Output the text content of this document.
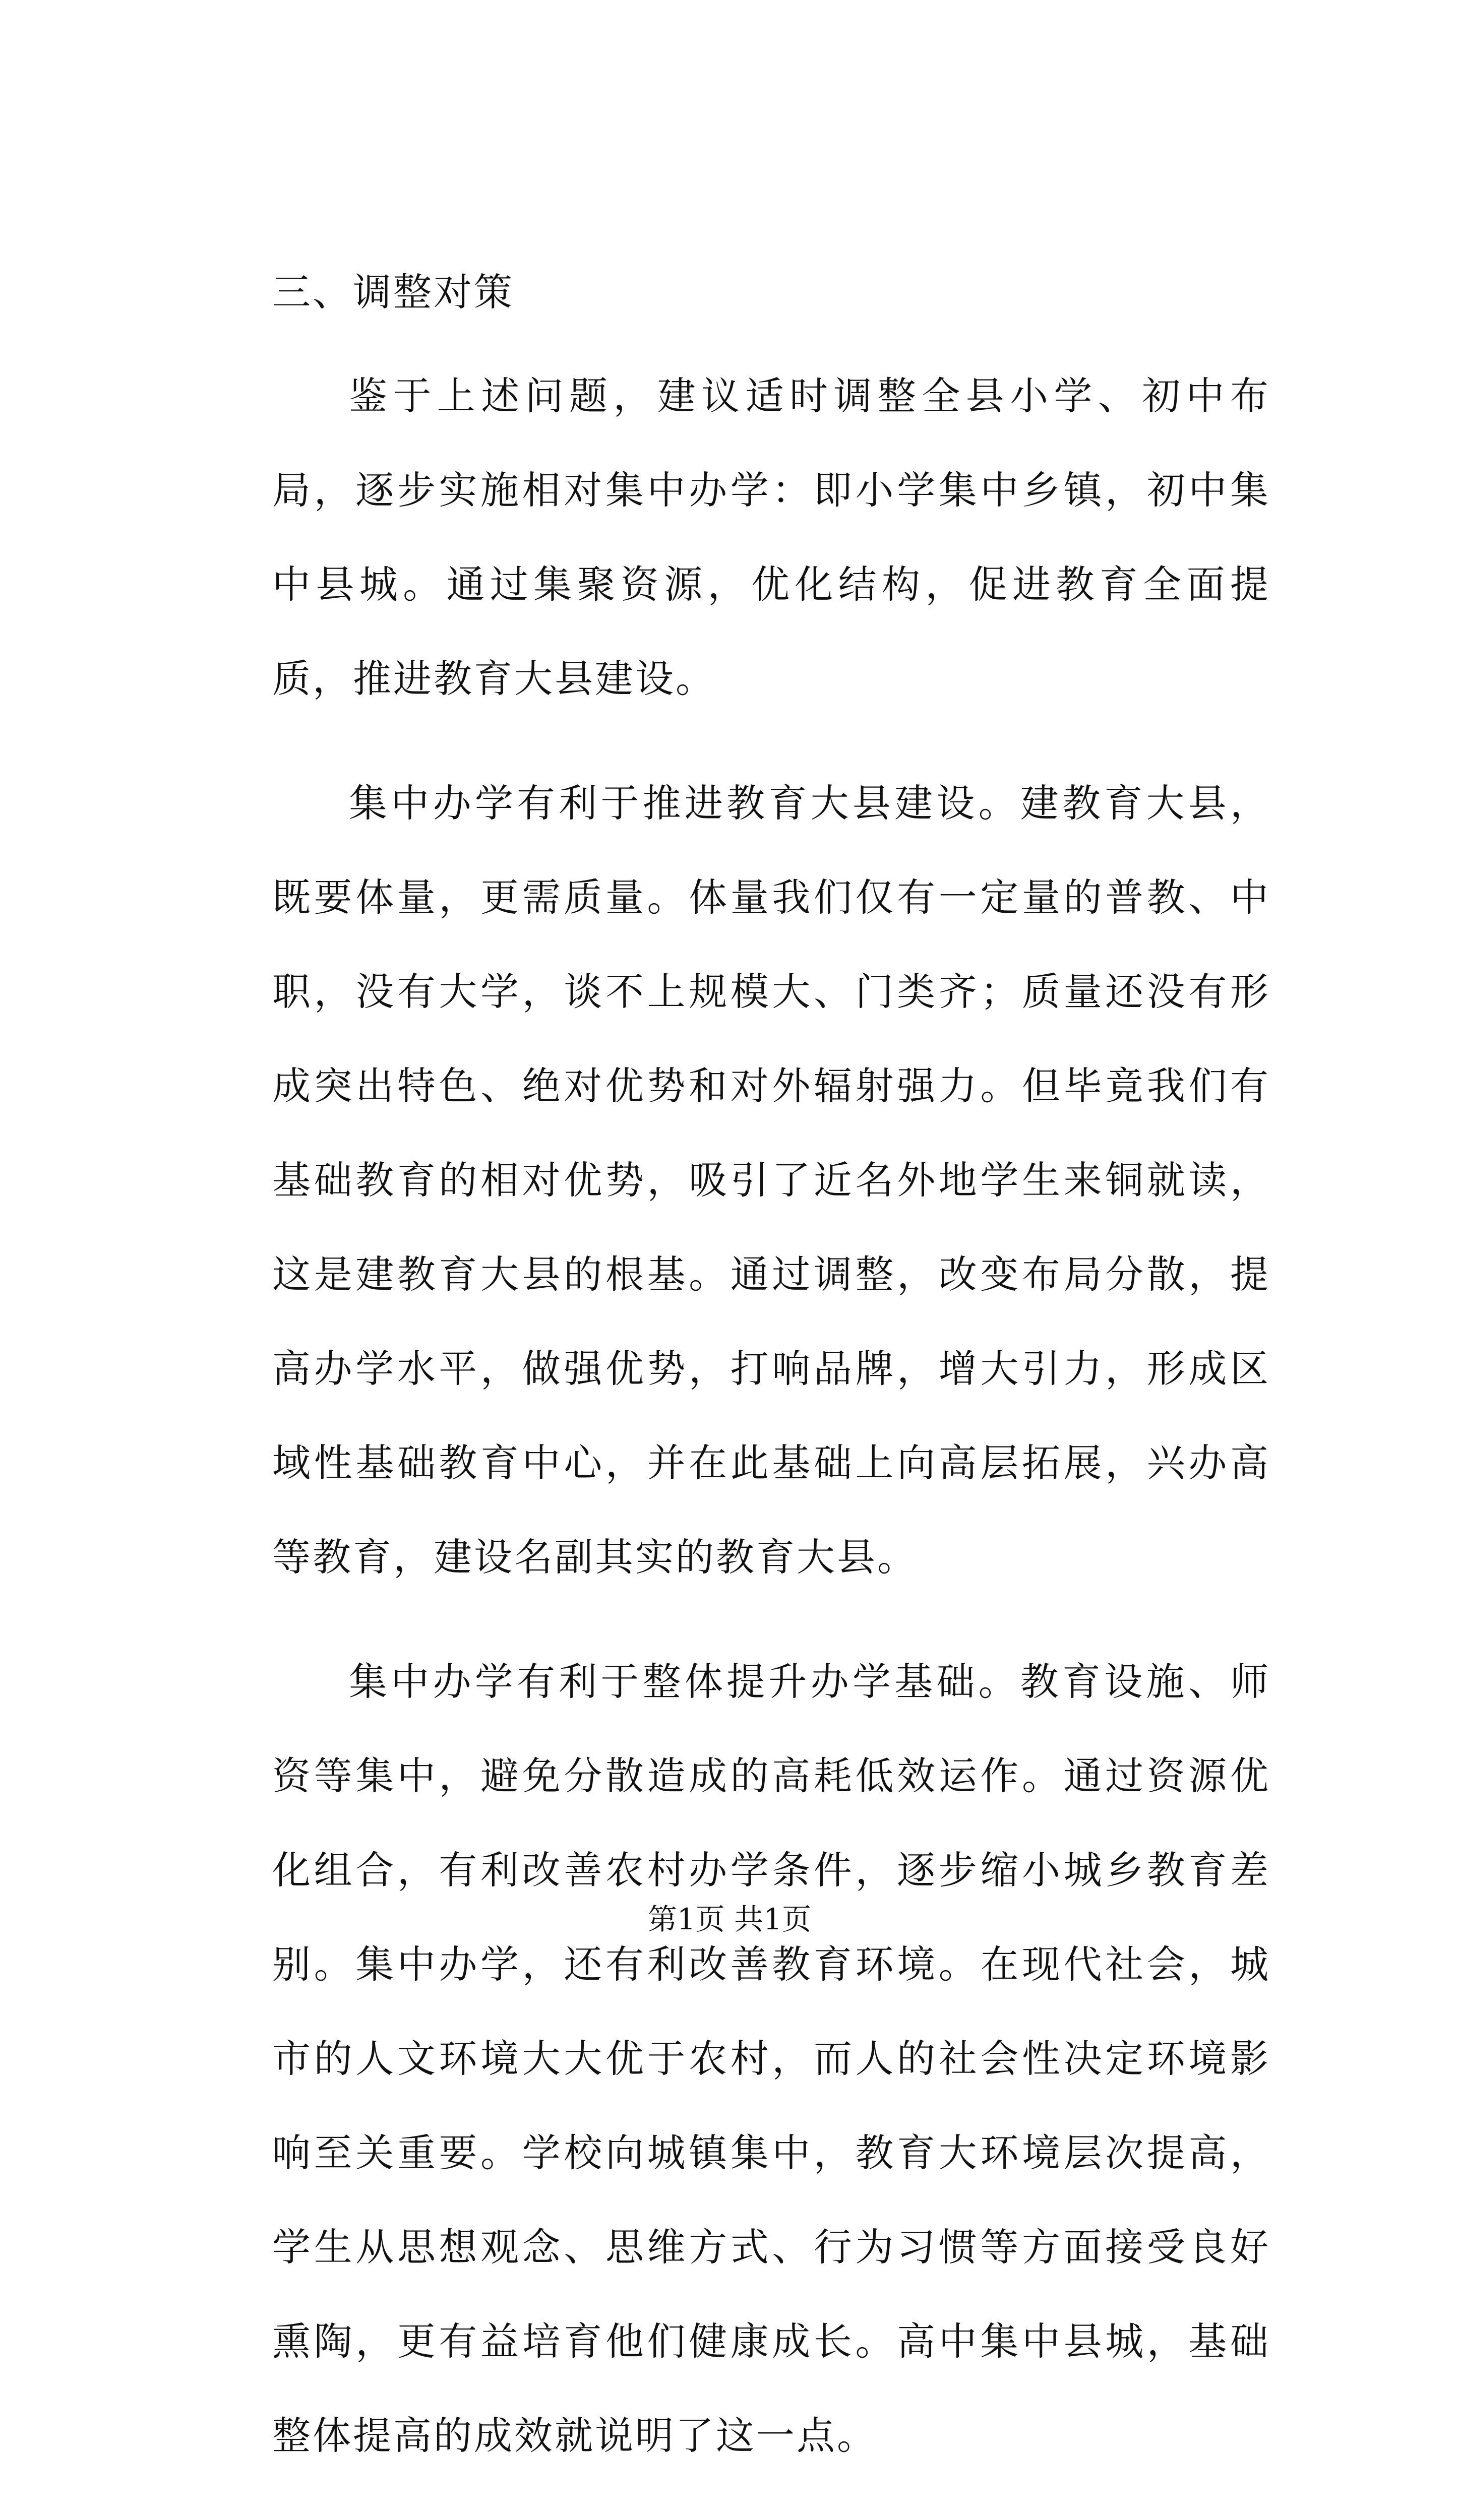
三、调整对策

鉴于上述问题，建议适时调整全县小学、初中布局，逐步实施相对集中办学：即小学集中乡镇，初中集中县城。通过集聚资源，优化结构，促进教育全面提质，推进教育大县建设。

集中办学有利于推进教育大县建设。建教育大县，既要体量，更需质量。体量我们仅有一定量的普教、中职，没有大学，谈不上规模大、门类齐；质量还没有形成突出特色、绝对优势和对外辐射强力。但毕竟我们有基础教育的相对优势，吸引了近名外地学生来铜就读，这是建教育大县的根基。通过调整，改变布局分散，提高办学水平，做强优势，打响品牌，增大引力，形成区域性基础教育中心，并在此基础上向高层拓展，兴办高等教育，建设名副其实的教育大县。

集中办学有利于整体提升办学基础。教育设施、师资等集中，避免分散造成的高耗低效运作。通过资源优化组合，有利改善农村办学条件，逐步缩小城乡教育差别。集中办学，还有利改善教育环境。在现代社会，城市的人文环境大大优于农村，而人的社会性决定环境影响至关重要。学校向城镇集中，教育大环境层次提高，学生从思想观念、思维方式、行为习惯等方面接受良好熏陶，更有益培育他们健康成长。高中集中县城，基础整体提高的成效就说明了这一点。

第1页 共1页
